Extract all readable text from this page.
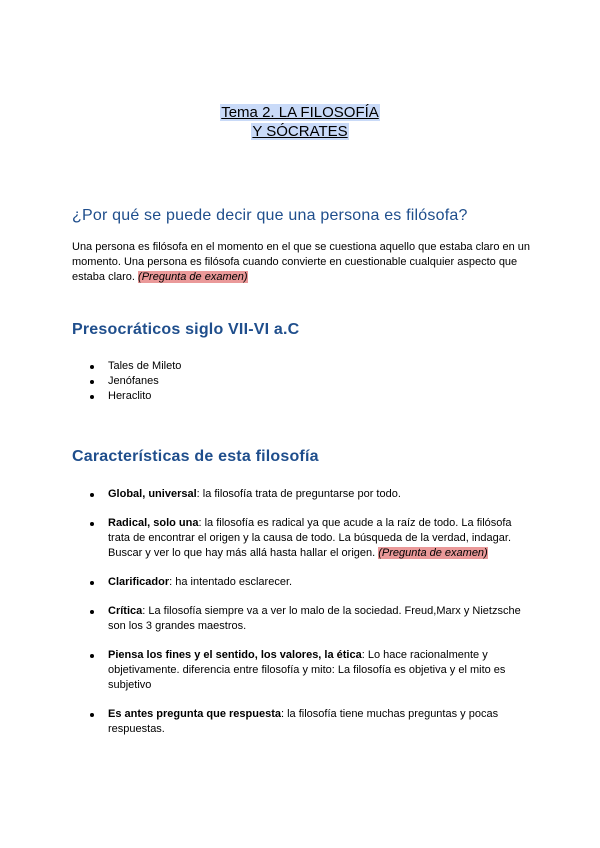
Tema 2. LA FILOSOFÍA
Y SÓCRATES
¿Por qué se puede decir que una persona es filósofa?

Una persona es filósofa en el momento en el que se cuestiona aquello que estaba claro en un momento. Una persona es filósofa cuando convierte en cuestionable cualquier aspecto que estaba claro. (Pregunta de examen)

Presocráticos siglo VII-VI a.C
Tales de Mileto
Jenófanes
Heraclito
Características de esta filosofía
Global, universal: la filosofía trata de preguntarse por todo.
Radical, solo una: la filosofía es radical ya que acude a la raíz de todo. La filósofa trata de encontrar el origen y la causa de todo. La búsqueda de la verdad, indagar. Buscar y ver lo que hay más allá hasta hallar el origen. (Pregunta de examen)
Clarificador: ha intentado esclarecer.
Crítica: La filosofía siempre va a ver lo malo de la sociedad. Freud,Marx y Nietzsche son los 3 grandes maestros.
Piensa los fines y el sentido, los valores, la ética: Lo hace racionalmente y objetivamente. diferencia entre filosofía y mito: La filosofía es objetiva y el mito es subjetivo
Es antes pregunta que respuesta: la filosofía tiene muchas preguntas y pocas respuestas.
